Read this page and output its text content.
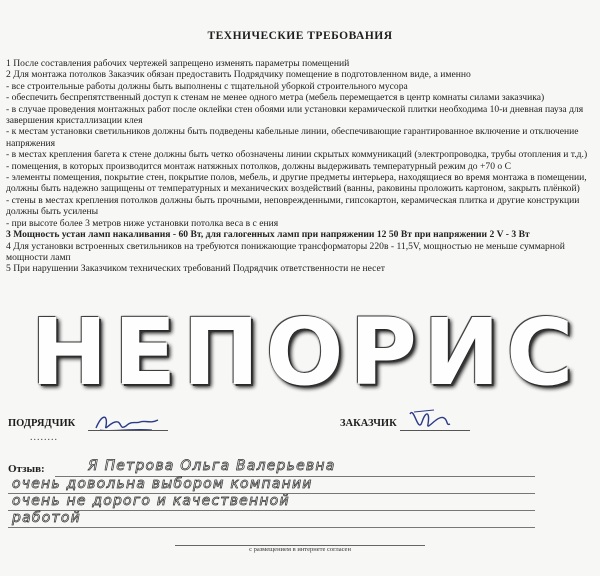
ТЕХНИЧЕСКИЕ ТРЕБОВАНИЯ

1 После составления рабочих чертежей запрещено изменять параметры помещений

2 Для монтажа потолков Заказчик обязан предоставить Подрядчику помещение в подготовленном виде, а именно

- все строительные работы должны быть выполнены с тщательной уборкой строительного мусора

- обеспечить беспрепятственный доступ к стенам не менее одного метра (мебель перемещается в центр комнаты силами заказчика)

- в случае проведения монтажных работ после оклейки стен обоями или установки керамической плитки необходима 10-и дневная пауза для завершения кристаллизации клея

- к местам установки светильников должны быть подведены кабельные линии, обеспечивающие гарантированное включение и отключение напряжения

- в местах крепления багета к стене должны быть четко обозначены линии скрытых коммуникаций (электропроводка, трубы отопления и т.д.)

- помещения, в которых производится монтаж натяжных потолков, должны выдерживать температурный режим до +70 о С

- элементы помещения, покрытие стен, покрытие полов, мебель, и другие предметы интерьера, находящиеся во время монтажа в помещении, должны быть надежно защищены от температурных и механических воздействий (ванны, раковины проложить картоном, закрыть плёнкой)

- стены в местах крепления потолков должны быть прочными, неповрежденными, гипсокартон, керамическая плитка и другие конструкции должны быть усилены

- при высоте более 3 метров ниже установки потолка веса в с ения

3 Мощность устан ламп накаливания - 60 Вт, для галогенных ламп при напряжении 12 50 Вт при напряжении 2 V - 3 Вт

4 Для установки встроенных светильников на требуются понижающие трансформаторы 220в - 11,5V, мощностью не меньше суммарной мощности ламп

5 При нарушении Заказчиком технических требований Подрядчик ответственности не несет

НЕПОРИС
ПОДРЯДЧИК
........
ЗАКАЗЧИК
Отзыв:	Я Петрова Ольга Валерьевна
очень довольна выбором компании
очень не дорого и качественной
работой
с размещением в интернете согласен
